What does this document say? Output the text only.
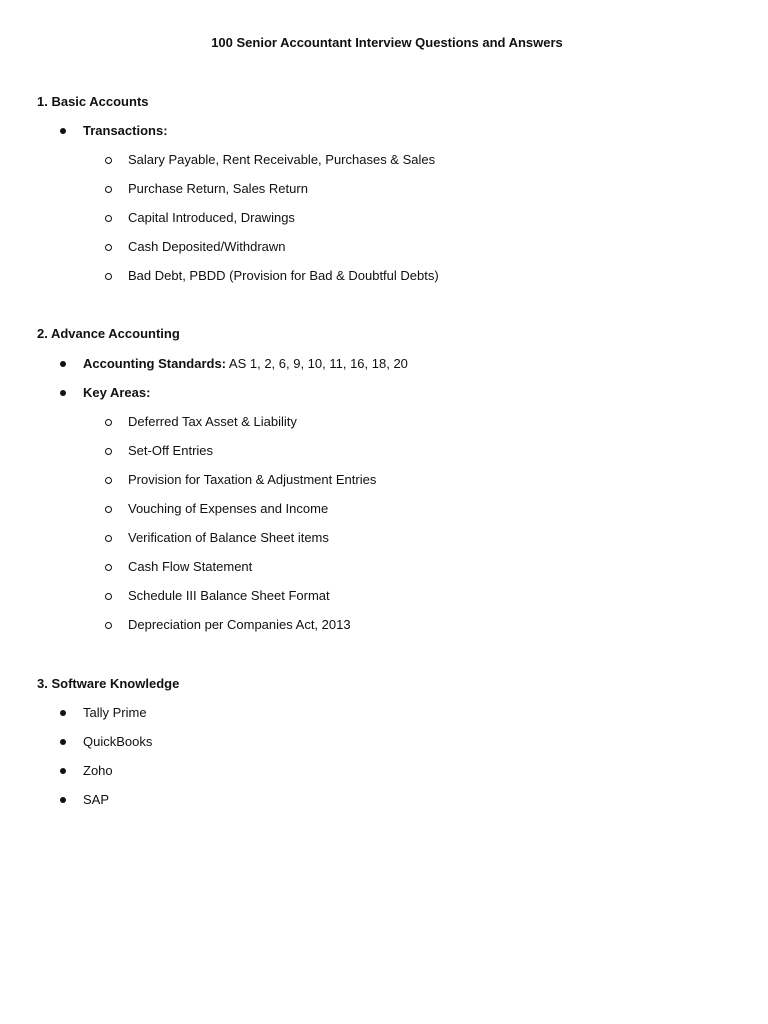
100 Senior Accountant Interview Questions and Answers
1. Basic Accounts
Transactions:
Salary Payable, Rent Receivable, Purchases & Sales
Purchase Return, Sales Return
Capital Introduced, Drawings
Cash Deposited/Withdrawn
Bad Debt, PBDD (Provision for Bad & Doubtful Debts)
2. Advance Accounting
Accounting Standards: AS 1, 2, 6, 9, 10, 11, 16, 18, 20
Key Areas:
Deferred Tax Asset & Liability
Set-Off Entries
Provision for Taxation & Adjustment Entries
Vouching of Expenses and Income
Verification of Balance Sheet items
Cash Flow Statement
Schedule III Balance Sheet Format
Depreciation per Companies Act, 2013
3. Software Knowledge
Tally Prime
QuickBooks
Zoho
SAP
